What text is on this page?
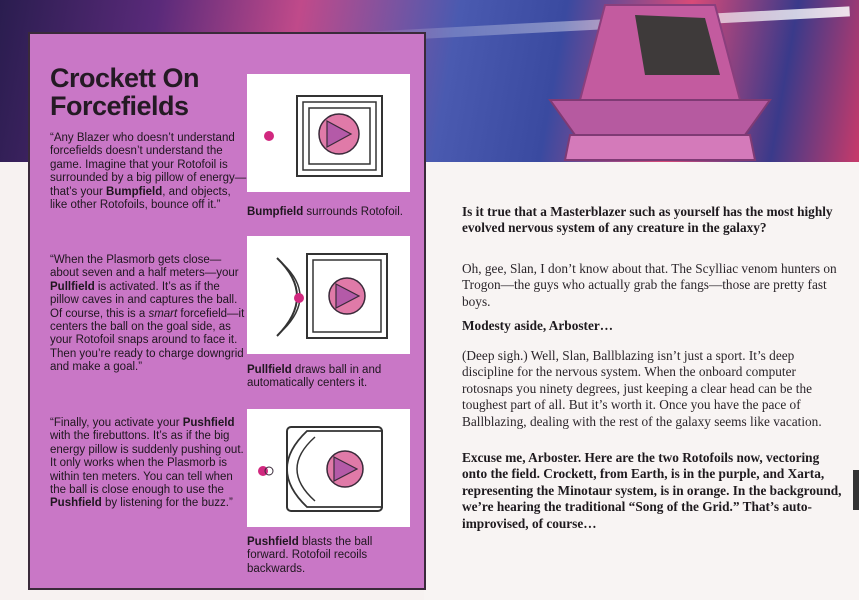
Crockett On Forcefields

“Any Blazer who doesn’t understand forcefields doesn’t understand the game. Imagine that your Rotofoil is surrounded by a big pillow of energy—that’s your Bumpfield, and objects, like other Rotofoils, bounce off it.”

“When the Plasmorb gets close—about seven and a half meters—your Pullfield is activated. It’s as if the pillow caves in and captures the ball. Of course, this is a smart forcefield—it centers the ball on the goal side, as your Rotofoil snaps around to face it. Then you’re ready to charge downgrid and make a goal.”

“Finally, you activate your Pushfield with the firebuttons. It’s as if the big energy pillow is suddenly pushing out. It only works when the Plasmorb is within ten meters. You can tell when the ball is close enough to use the Pushfield by listening for the buzz.”

Bumpfield surrounds Rotofoil.

Pullfield draws ball in and automatically centers it.

Pushfield blasts the ball forward. Rotofoil recoils backwards.

Is it true that a Masterblazer such as yourself has the most highly evolved nervous system of any creature in the galaxy?

Oh, gee, Slan, I don’t know about that. The Scylliac venom hunters on Trogon—the guys who actually grab the fangs—those are pretty fast boys.

Modesty aside, Arboster…

(Deep sigh.) Well, Slan, Ballblazing isn’t just a sport. It’s deep discipline for the nervous system. When the onboard computer rotosnaps you ninety degrees, just keeping a clear head can be the toughest part of all. But it’s worth it. Once you have the pace of Ballblazing, dealing with the rest of the galaxy seems like vacation.

Excuse me, Arboster. Here are the two Rotofoils now, vectoring onto the field. Crockett, from Earth, is in the purple, and Xarta, representing the Minotaur system, is in orange. In the background, we’re hearing the traditional “Song of the Grid.” That’s auto-improvised, of course…
